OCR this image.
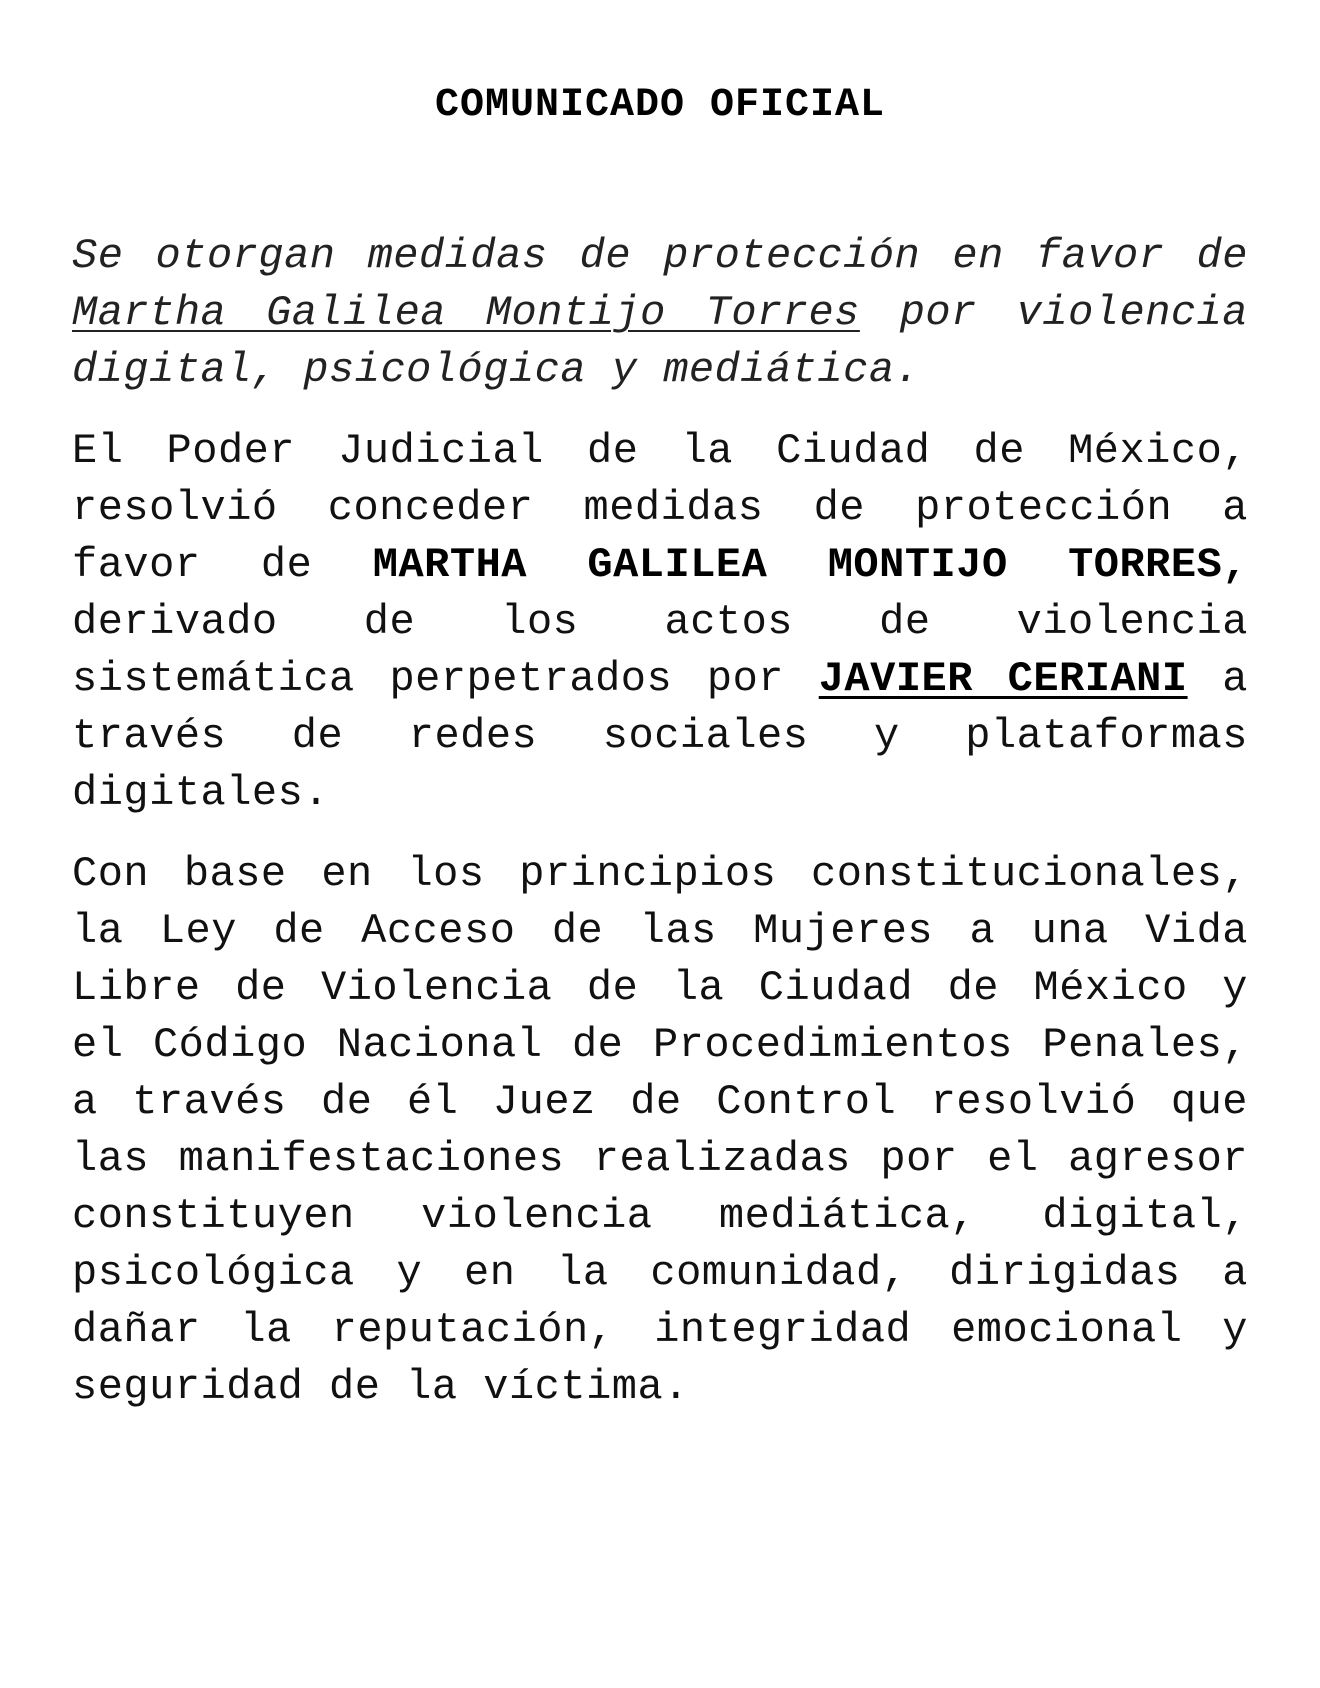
COMUNICADO OFICIAL

Se otorgan medidas de protección en favor de Martha Galilea Montijo Torres por violencia digital, psicológica y mediática.

El Poder Judicial de la Ciudad de México, resolvió conceder medidas de protección a favor de MARTHA GALILEA MONTIJO TORRES, derivado de los actos de violencia sistemática perpetrados por JAVIER CERIANI a través de redes sociales y plataformas digitales.

Con base en los principios constitucionales, la Ley de Acceso de las Mujeres a una Vida Libre de Violencia de la Ciudad de México y el Código Nacional de Procedimientos Penales, a través de él Juez de Control resolvió que las manifestaciones realizadas por el agresor constituyen violencia mediática, digital, psicológica y en la comunidad, dirigidas a dañar la reputación, integridad emocional y seguridad de la víctima.
